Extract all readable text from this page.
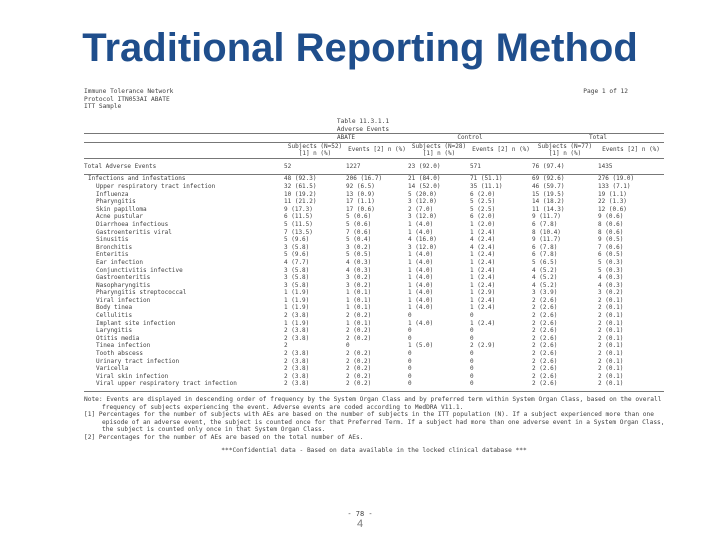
Traditional Reporting Method
Immune Tolerance Network
Protocol ITN053AI ABATE
ITT Sample
Page 1 of 12
Table 11.3.1.1
Adverse Events
	ABATE		Control		Total	
	Subjects (N=52) [1] n (%)	Events [2] n (%)	Subjects (N=28) [1] n (%)	Events [2] n (%)	Subjects (N=77) [1] n (%)	Events [2] n (%)
Total Adverse Events	52	1227	23 (92.0)	571	76 (97.4)	1435
Infections and infestations	48 (92.3)	206 (16.7)	21 (84.0)	71 (51.1)	69 (92.6)	276 (19.0)
Upper respiratory tract infection	32 (61.5)	92 (6.5)	14 (52.0)	35 (11.1)	46 (59.7)	133 (7.1)
Influenza	10 (19.2)	13 (0.9)	5 (20.0)	6 (2.0)	15 (19.5)	19 (1.1)
Pharyngitis	11 (21.2)	17 (1.1)	3 (12.0)	5 (2.5)	14 (18.2)	22 (1.3)
Skin papilloma	9 (17.3)	17 (0.6)	2 (7.0)	5 (2.5)	11 (14.3)	12 (0.6)
Acne pustular	6 (11.5)	5 (0.6)	3 (12.0)	6 (2.0)	9 (11.7)	9 (0.6)
Diarrhoea infectious	5 (11.5)	5 (0.6)	1 (4.0)	1 (2.0)	6 (7.8)	8 (0.6)
Gastroenteritis viral	7 (13.5)	7 (0.6)	1 (4.0)	1 (2.4)	8 (10.4)	8 (0.6)
Sinusitis	5 (9.6)	5 (0.4)	4 (16.0)	4 (2.4)	9 (11.7)	9 (0.5)
Bronchitis	3 (5.8)	3 (0.2)	3 (12.0)	4 (2.4)	6 (7.8)	7 (0.6)
Enteritis	5 (9.6)	5 (0.5)	1 (4.0)	1 (2.4)	6 (7.8)	6 (0.5)
Ear infection	4 (7.7)	4 (0.3)	1 (4.0)	1 (2.4)	5 (6.5)	5 (0.3)
Conjunctivitis infective	3 (5.8)	4 (0.3)	1 (4.0)	1 (2.4)	4 (5.2)	5 (0.3)
Gastroenteritis	3 (5.8)	3 (0.2)	1 (4.0)	1 (2.4)	4 (5.2)	4 (0.3)
Nasopharyngitis	3 (5.8)	3 (0.2)	1 (4.0)	1 (2.4)	4 (5.2)	4 (0.3)
Pharyngitis streptococcal	1 (1.9)	1 (0.1)	1 (4.0)	1 (2.9)	3 (3.9)	3 (0.2)
Viral infection	1 (1.9)	1 (0.1)	1 (4.0)	1 (2.4)	2 (2.6)	2 (0.1)
Body tinea	1 (1.9)	1 (0.1)	1 (4.0)	1 (2.4)	2 (2.6)	2 (0.1)
Cellulitis	2 (3.8)	2 (0.2)	0	0	2 (2.6)	2 (0.1)
Implant site infection	1 (1.9)	1 (0.1)	1 (4.0)	1 (2.4)	2 (2.6)	2 (0.1)
Laryngitis	2 (3.8)	2 (0.2)	0	0	2 (2.6)	2 (0.1)
Otitis media	2 (3.8)	2 (0.2)	0	0	2 (2.6)	2 (0.1)
Tinea infection	2	0	1 (5.0)	2 (2.9)	2 (2.6)	2 (0.1)
Tooth abscess	2 (3.8)	2 (0.2)	0	0	2 (2.6)	2 (0.1)
Urinary tract infection	2 (3.8)	2 (0.2)	0	0	2 (2.6)	2 (0.1)
Varicella	2 (3.8)	2 (0.2)	0	0	2 (2.6)	2 (0.1)
Viral skin infection	2 (3.8)	2 (0.2)	0	0	2 (2.6)	2 (0.1)
Viral upper respiratory tract infection	2 (3.8)	2 (0.2)	0	0	2 (2.6)	2 (0.1)

Note: Events are displayed in descending order of frequency by the System Organ Class and by preferred term within System Organ Class, based on the overall
frequency of subjects experiencing the event. Adverse events are coded according to MedDRA V11.1.
[1] Percentages for the number of subjects with AEs are based on the number of subjects in the ITT population (N). If a subject experienced more than one
episode of an adverse event, the subject is counted once for that Preferred Term. If a subject had more than one adverse event in a System Organ Class,
the subject is counted only once in that System Organ Class.
[2] Percentages for the number of AEs are based on the total number of AEs.
***Confidential data - Based on data available in the locked clinical database ***
- 78 -
4
